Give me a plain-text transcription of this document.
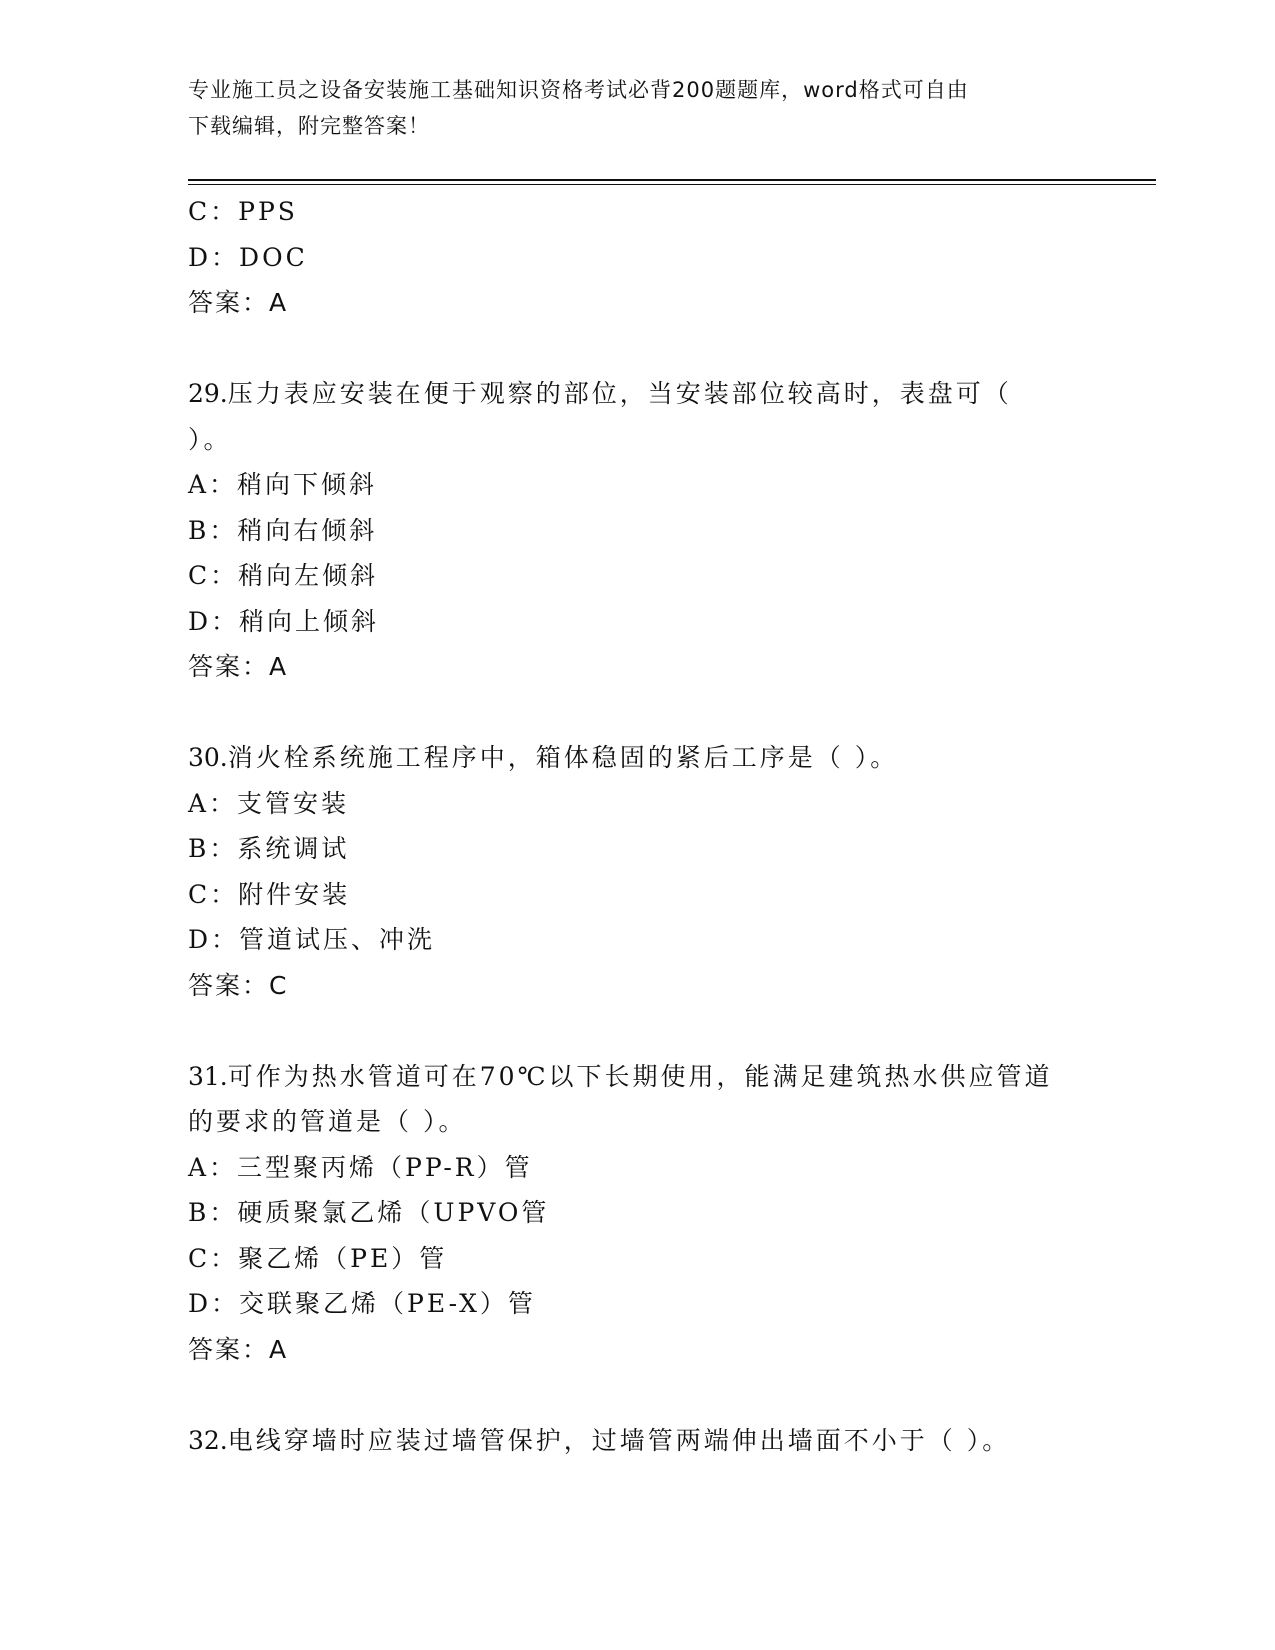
专业施工员之设备安装施工基础知识资格考试必背200题题库，word格式可自由
下载编辑，附完整答案！
C：PPS
D：DOC
答案：A
29.压力表应安装在便于观察的部位，当安装部位较高时，表盘可（
）。
A：稍向下倾斜
B：稍向右倾斜
C：稍向左倾斜
D：稍向上倾斜
答案：A
30.消火栓系统施工程序中，箱体稳固的紧后工序是（ ）。
A：支管安装
B：系统调试
C：附件安装
D：管道试压、冲洗
答案：C
31.可作为热水管道可在70℃以下长期使用，能满足建筑热水供应管道
的要求的管道是（ ）。
A：三型聚丙烯（PP-R）管
B：硬质聚氯乙烯（UPVO管
C：聚乙烯（PE）管
D：交联聚乙烯（PE-X）管
答案：A
32.电线穿墙时应装过墙管保护，过墙管两端伸出墙面不小于（ ）。
